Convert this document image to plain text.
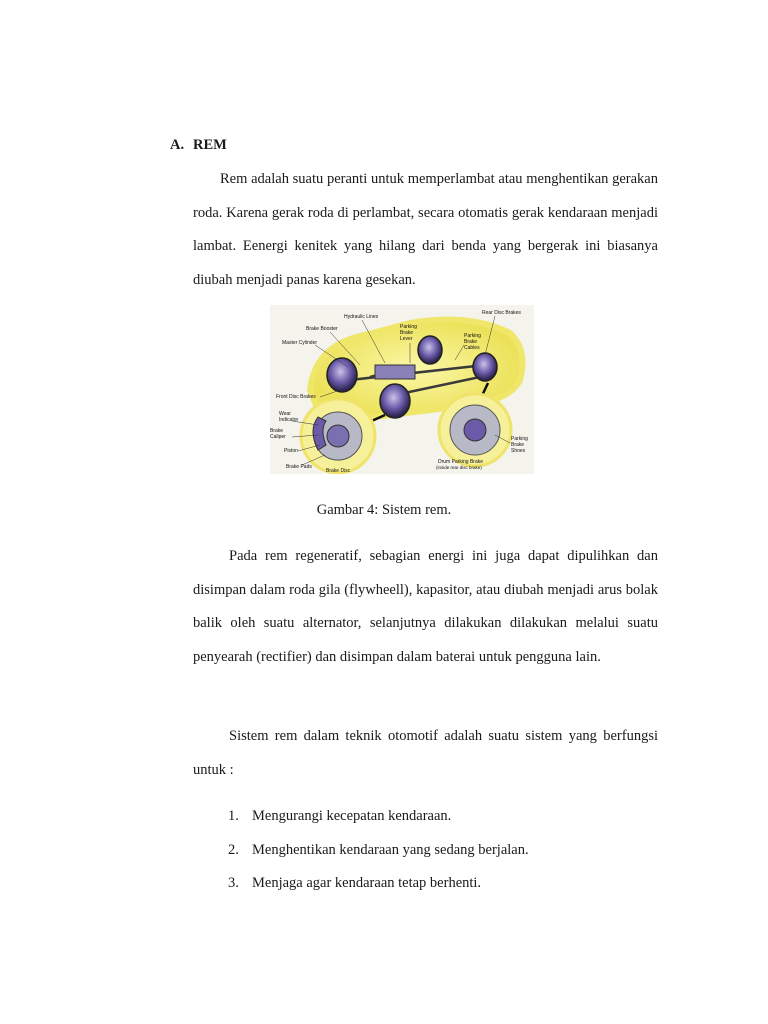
A. REM

Rem adalah suatu peranti untuk memperlambat atau menghentikan gerakan roda. Karena gerak roda di perlambat, secara otomatis gerak kendaraan menjadi lambat. Eenergi kenitek yang hilang dari benda yang bergerak ini biasanya diubah menjadi panas karena gesekan.

Hydraulic Lines
Brake Booster
Master Cylinder
Parking
Brake
Lever
Rear Disc Brakes
Parking
Brake
Cables
Front Disc Brakes
Wear
Indicator
Brake
Caliper
Piston
Brake Pads
Brake Disc
Drum Parking Brake
(inside rear disc brake)
Parking
Brake
Shoes
Gambar 4: Sistem rem.

Pada rem regeneratif, sebagian energi ini juga dapat dipulihkan dan disimpan dalam roda gila (flywheell), kapasitor, atau diubah menjadi arus bolak balik oleh suatu alternator, selanjutnya dilakukan dilakukan melalui suatu penyearah (rectifier) dan disimpan dalam baterai untuk pengguna lain.

Sistem rem dalam teknik otomotif adalah suatu sistem yang berfungsi untuk :

1. Mengurangi kecepatan kendaraan.
2. Menghentikan kendaraan yang sedang berjalan.
3. Menjaga agar kendaraan tetap berhenti.
